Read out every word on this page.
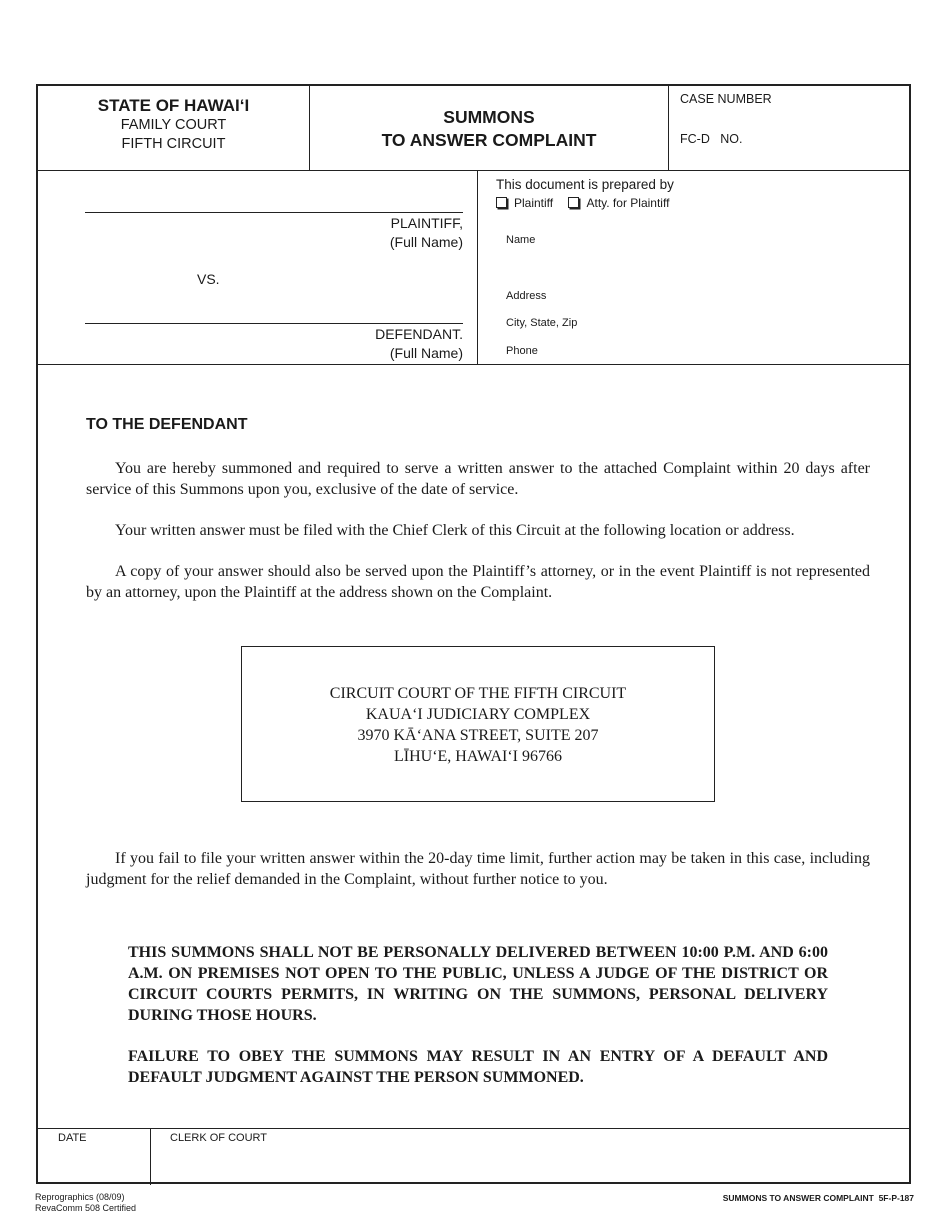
STATE OF HAWAI‘I
FAMILY COURT
FIFTH CIRCUIT
SUMMONS
TO ANSWER COMPLAINT
CASE NUMBER
FC-D   NO.
PLAINTIFF,
(Full Name)
VS.
DEFENDANT.
(Full Name)
This document is prepared by
Plaintiff	Atty. for Plaintiff
Name
Address
City, State, Zip
Phone
TO THE DEFENDANT

You are hereby summoned and required to serve a written answer to the attached Complaint within 20 days after service of this Summons upon you, exclusive of the date of service.

Your written answer must be filed with the Chief Clerk of this Circuit at the following location or address.

A copy of your answer should also be served upon the Plaintiff’s attorney, or in the event Plaintiff is not represented by an attorney, upon the Plaintiff at the address shown on the Complaint.

CIRCUIT COURT OF THE FIFTH CIRCUIT
KAUA‘I JUDICIARY COMPLEX
3970 KĀ‘ANA STREET, SUITE 207
LĪHU‘E, HAWAI‘I 96766

If you fail to file your written answer within the 20-day time limit, further action may be taken in this case, including judgment for the relief demanded in the Complaint, without further notice to you.

THIS SUMMONS SHALL NOT BE PERSONALLY DELIVERED BETWEEN 10:00 P.M. AND 6:00 A.M. ON PREMISES NOT OPEN TO THE PUBLIC, UNLESS A JUDGE OF THE DISTRICT OR CIRCUIT COURTS PERMITS, IN WRITING ON THE SUMMONS, PERSONAL DELIVERY DURING THOSE HOURS.

FAILURE TO OBEY THE SUMMONS MAY RESULT IN AN ENTRY OF A DEFAULT AND DEFAULT JUDGMENT AGAINST THE PERSON SUMMONED.

DATE	CLERK OF COURT
Reprographics (08/09)
RevaComm 508 Certified
SUMMONS TO ANSWER COMPLAINT  5F-P-187
